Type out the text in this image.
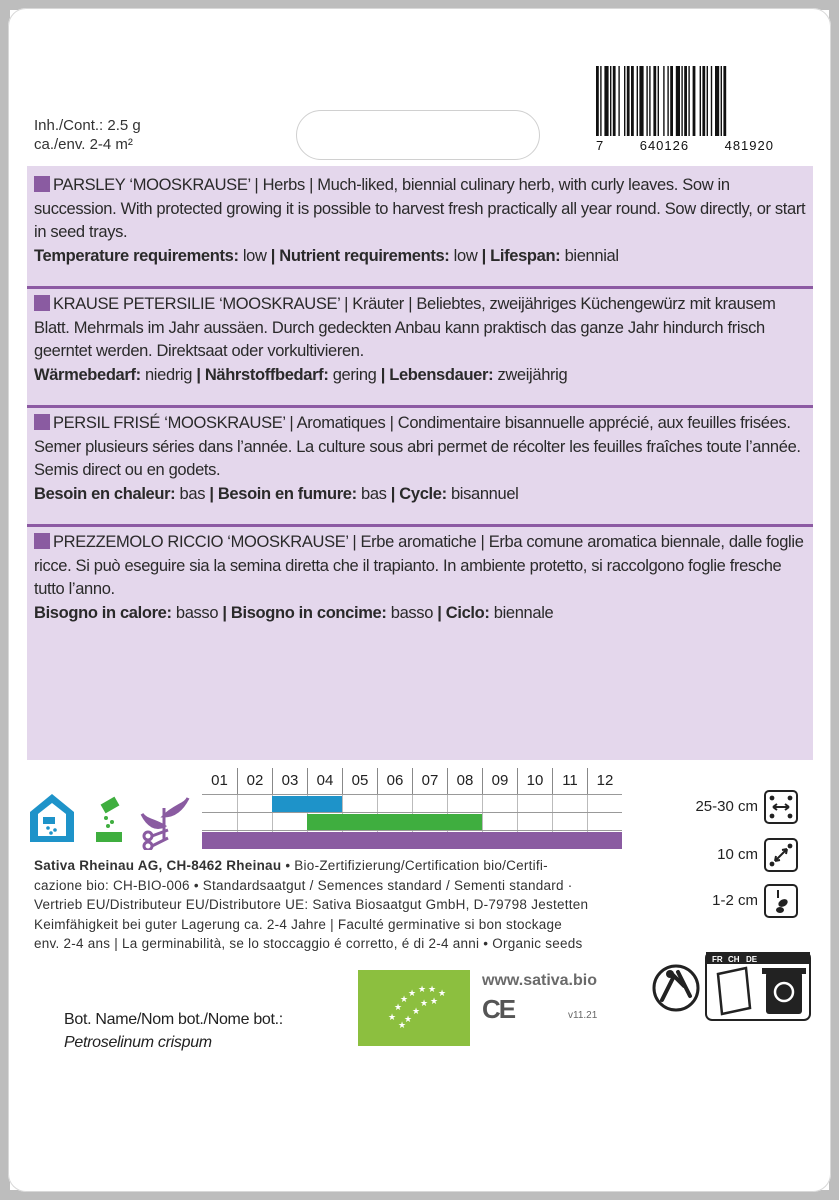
Inh./Cont.: 2.5 g
ca./env. 2-4 m²	7	640126	481920
PARSLEY ‘MOOSKRAUSE’ | Herbs | Much-liked, biennial culinary herb, with curly leaves. Sow in succession. With protected growing it is possible to harvest fresh practically all year round. Sow directly, or start in seed trays.
Temperature requirements: low | Nutrient requirements: low | Lifespan: biennial
KRAUSE PETERSILIE ‘MOOSKRAUSE’ | Kräuter | Beliebtes, zweijähriges Küchengewürz mit krausem Blatt. Mehrmals im Jahr aussäen. Durch gedeckten Anbau kann praktisch das ganze Jahr hindurch frisch geerntet werden. Direktsaat oder vorkultivieren.
Wärmebedarf: niedrig | Nährstoffbedarf: gering | Lebensdauer: zweijährig
PERSIL FRISÉ ‘MOOSKRAUSE’ | Aromatiques | Condimentaire bisannuelle apprécié, aux feuilles frisées. Semer plusieurs séries dans l’année. La culture sous abri permet de récolter les feuilles fraîches toute l’année. Semis direct ou en godets.
Besoin en chaleur: bas | Besoin en fumure: bas | Cycle: bisannuel
PREZZEMOLO RICCIO ‘MOOSKRAUSE’ | Erbe aromatiche | Erba comune aromatica biennale, dalle foglie ricce. Si può eseguire sia la semina diretta che il trapianto. In ambiente protetto, si raccolgono foglie fresche tutto l’anno.
Bisogno in calore: basso | Bisogno in concime: basso | Ciclo: biennale
01	02	03	04	05	06	07	08	09	10	11	12
Sativa Rheinau AG, CH-8462 Rheinau • Bio-Zertifizierung/Certification bio/Certifi-
cazione bio: CH-BIO-006 • Standardsaatgut / Semences standard / Sementi standard ·
Vertrieb EU/Distributeur EU/Distributore UE: Sativa Biosaatgut GmbH, D-79798 Jestetten
Keimfähigkeit bei guter Lagerung ca. 2-4 Jahre | Faculté germinative si bon stockage
env. 2-4 ans | La germinabilità, se lo stoccaggio é corretto, é di 2-4 anni • Organic seeds
25-30 cm
10 cm
1-2 cm
★
★
★
★ ★ ★ ★
★
★
★
★
★
www.sativa.bio
CE	v11.21
FR CH DE
Bot. Name/Nom bot./Nome bot.:
Petroselinum crispum
